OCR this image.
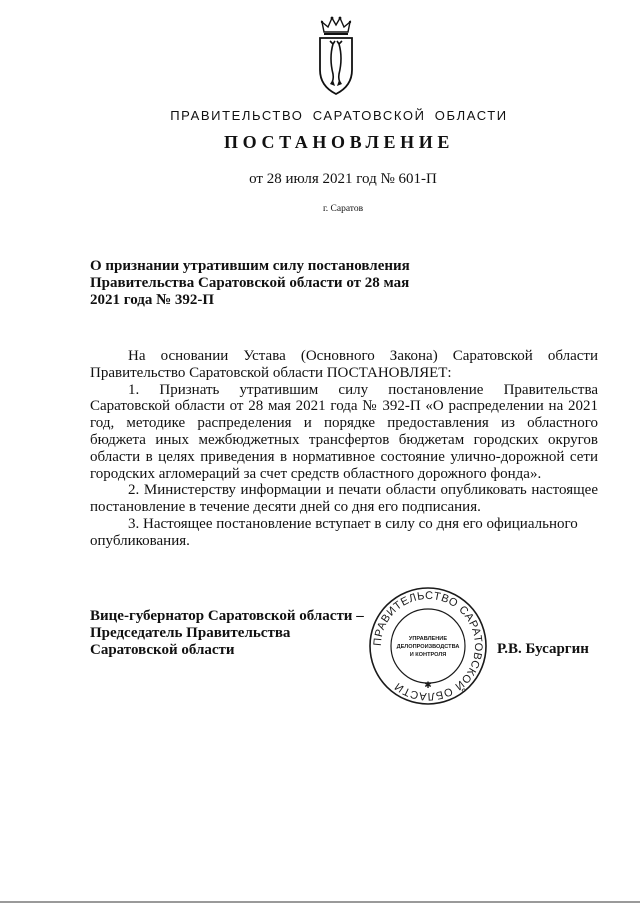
ПРАВИТЕЛЬСТВО САРАТОВСКОЙ ОБЛАСТИ
ПОСТАНОВЛЕНИЕ
от 28 июля 2021 год № 601-П
г. Саратов
О признании утратившим силу постановления
Правительства Саратовской области от 28 мая
2021 года № 392-П

На основании Устава (Основного Закона) Саратовской области Правительство Саратовской области ПОСТАНОВЛЯЕТ:

1. Признать утратившим силу постановление Правительства Саратовской области от 28 мая 2021 года № 392-П «О распределении на 2021 год, методике распределения и порядке предоставления из областного бюджета иных межбюджетных трансфертов бюджетам городских округов области в целях приведения в нормативное состояние улично-дорожной сети городских агломераций за счет средств областного дорожного фонда».

2. Министерству информации и печати области опубликовать настоящее постановление в течение десяти дней со дня его подписания.

3. Настоящее постановление вступает в силу со дня его официального

опубликования.

Вице-губернатор Саратовской области –
Председатель Правительства
Саратовской области
ПРАВИТЕЛЬСТВО САРАТОВСКОЙ ОБЛАСТИ
УПРАВЛЕНИЕ
ДЕЛОПРОИЗВОДСТВА
И КОНТРОЛЯ
✱
Р.В. Бусаргин
